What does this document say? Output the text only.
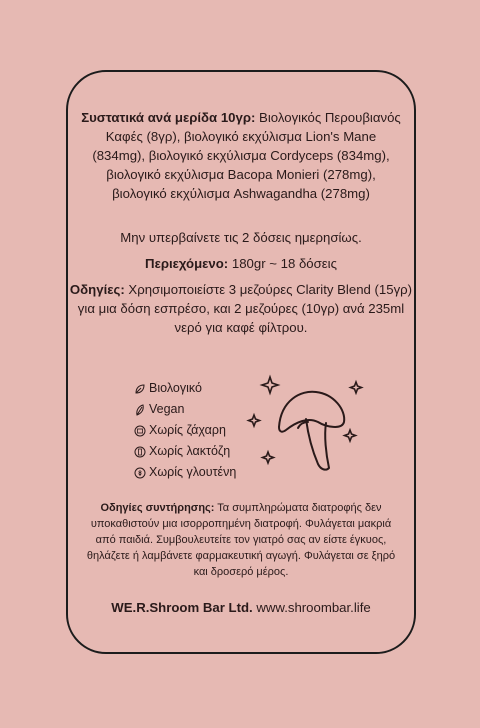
Συστατικά ανά μερίδα 10γρ: Βιολογικός Περουβιανός Καφές (8γρ), βιολογικό εκχύλισμα Lion's Mane (834mg), βιολογικό εκχύλισμα Cordyceps (834mg), βιολογικό εκχύλισμα Bacopa Monieri (278mg), βιολογικό εκχύλισμα Ashwagandha (278mg)
Μην υπερβαίνετε τις 2 δόσεις ημερησίως.
Περιεχόμενο: 180gr ~ 18 δόσεις
Οδηγίες: Χρησιμοποιείστε 3 μεζούρες Clarity Blend (15γρ) για μια δόση εσπρέσο, και 2 μεζούρες (10γρ) ανά 235ml νερό για καφέ φίλτρου.
Βιολογικό
Vegan
Χωρίς ζάχαρη
Χωρίς λακτόζη
Χωρίς γλουτένη
Οδηγίες συντήρησης: Τα συμπληρώματα διατροφής δεν υποκαθιστούν μια ισορροπημένη διατροφή. Φυλάγεται μακριά από παιδιά. Συμβουλευτείτε τον γιατρό σας αν είστε έγκυος, θηλάζετε ή λαμβάνετε φαρμακευτική αγωγή. Φυλάγεται σε ξηρό και δροσερό μέρος.
WE.R.Shroom Bar Ltd. www.shroombar.life
